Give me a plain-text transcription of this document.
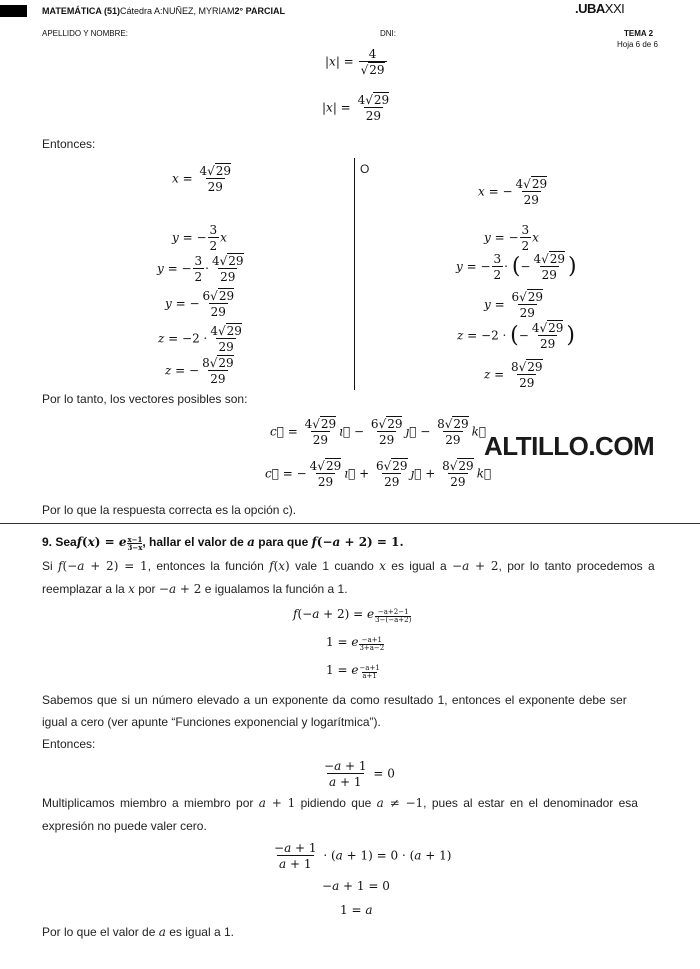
MATEMÁTICA (51)Cátedra A:NUÑEZ, MYRIAM2° PARCIAL	.UBAXXI
APELLIDO Y NOMBRE:	DNI:	TEMA 2
Hoja 6 de 6
$|x| = \frac{4}{√29}$
$|x| = \frac{4√29}{29}$
Entonces:
$x = \frac{4√29}{29}$
y = − $\frac{3}{2}$ x
y = − $\frac{3}{2} \cdot \frac{4√29}{29}$
y = − $\frac{6√29}{29}$
$z = -2 \cdot \frac{4√29}{29}$
z = − $\frac{8√29}{29}$
O
x = − $\frac{4√29}{29}$
y = − $\frac{3}{2}$ x
y = − $\frac{3}{2}$ · (− $\frac{4√29}{29}$ )
$y = \frac{6√29}{29}$
z = −2 · (− $\frac{4√29}{29}$ )
$z = \frac{8√29}{29}$
Por lo tanto, los vectores posibles son:
c⃗ = $\frac{4√29}{29}$ ı⃗ − $\frac{6√29}{29}$ ȷ⃗ − $\frac{8√29}{29}$ k⃗
c⃗ = − $\frac{4√29}{29}$ ı⃗ + $\frac{6√29}{29}$ ȷ⃗ + $\frac{8√29}{29}$ k⃗
ALTILLO.COM
Por lo que la respuesta correcta es la opción c).
9. Seaf(x) = e $\frac{x-1}{3-x}$ , hallar el valor de a para que f(−a + 2) = 1.
Si f(−a + 2) = 1, entonces la función f(x) vale 1 cuando x es igual a −a + 2, por lo tanto procedemos a
reemplazar a la x por −a + 2 e igualamos la función a 1.
f(−a + 2) = e $\frac{-a+2-1}{3-(-a+2)}$
1 = e $\frac{-a+1}{3+a-2}$
1 = e $\frac{-a+1}{a+1}$
Sabemos que si un número elevado a un exponente da como resultado 1, entonces el exponente debe ser
igual a cero (ver apunte “Funciones exponencial y logarítmica”).
Entonces:
$\frac{-a + 1}{a + 1} = 0$
Multiplicamos miembro a miembro por a + 1 pidiendo que a ≠ −1, pues al estar en el denominador esa
expresión no puede valer cero.
$\frac{-a + 1}{a + 1} \cdot (a + 1) = 0 \cdot (a + 1)$
−a + 1 = 0
1 = a
Por lo que el valor de a es igual a 1.
